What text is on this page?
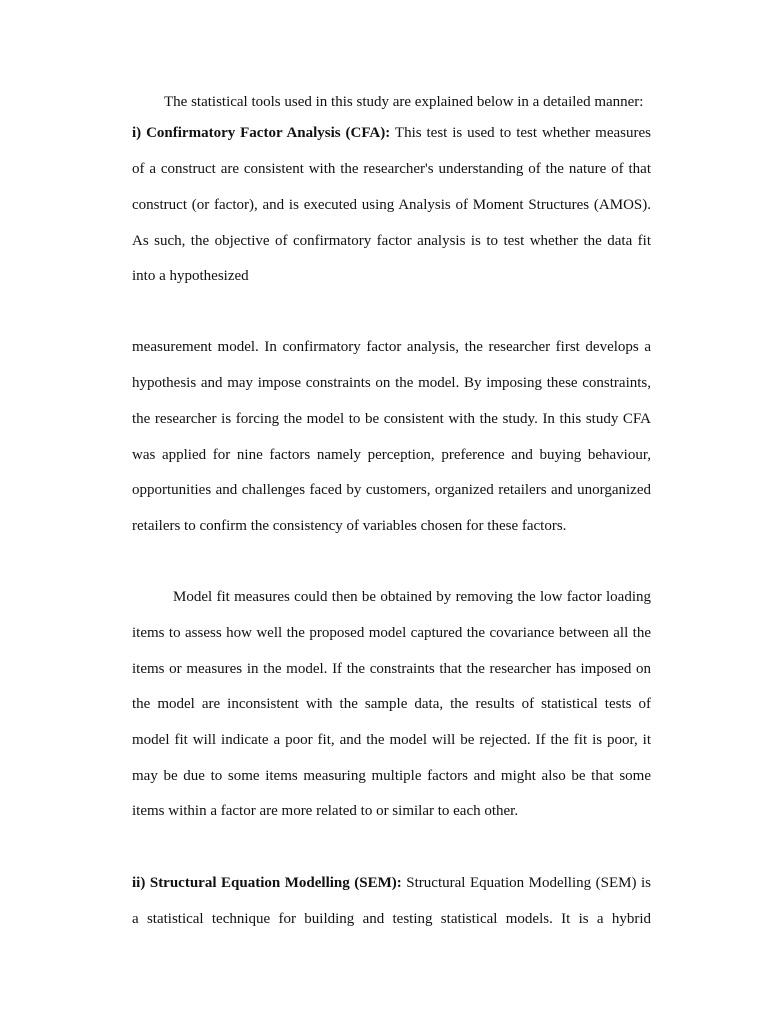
The statistical tools used in this study are explained below in a detailed manner:
i) Confirmatory Factor Analysis (CFA): This test is used to test whether measures
of a construct are consistent with the researcher's understanding of the nature of that
construct (or factor), and is executed using Analysis of Moment Structures (AMOS).
As such, the objective of confirmatory factor analysis is to test whether the data fit
into a hypothesized
measurement model. In confirmatory factor analysis, the researcher first develops a
hypothesis and may impose constraints on the model. By imposing these constraints,
the researcher is forcing the model to be consistent with the study. In this study CFA
was applied for nine factors namely perception, preference and buying behaviour,
opportunities and challenges faced by customers, organized retailers and unorganized
retailers to confirm the consistency of variables chosen for these factors.
Model fit measures could then be obtained by removing the low factor loading
items to assess how well the proposed model captured the covariance between all the
items or measures in the model. If the constraints that the researcher has imposed on
the model are inconsistent with the sample data, the results of statistical tests of
model fit will indicate a poor fit, and the model will be rejected. If the fit is poor, it
may be due to some items measuring multiple factors and might also be that some
items within a factor are more related to or similar to each other.
ii) Structural Equation Modelling (SEM): Structural Equation Modelling (SEM) is
a statistical technique for building and testing statistical models. It is a hybrid
